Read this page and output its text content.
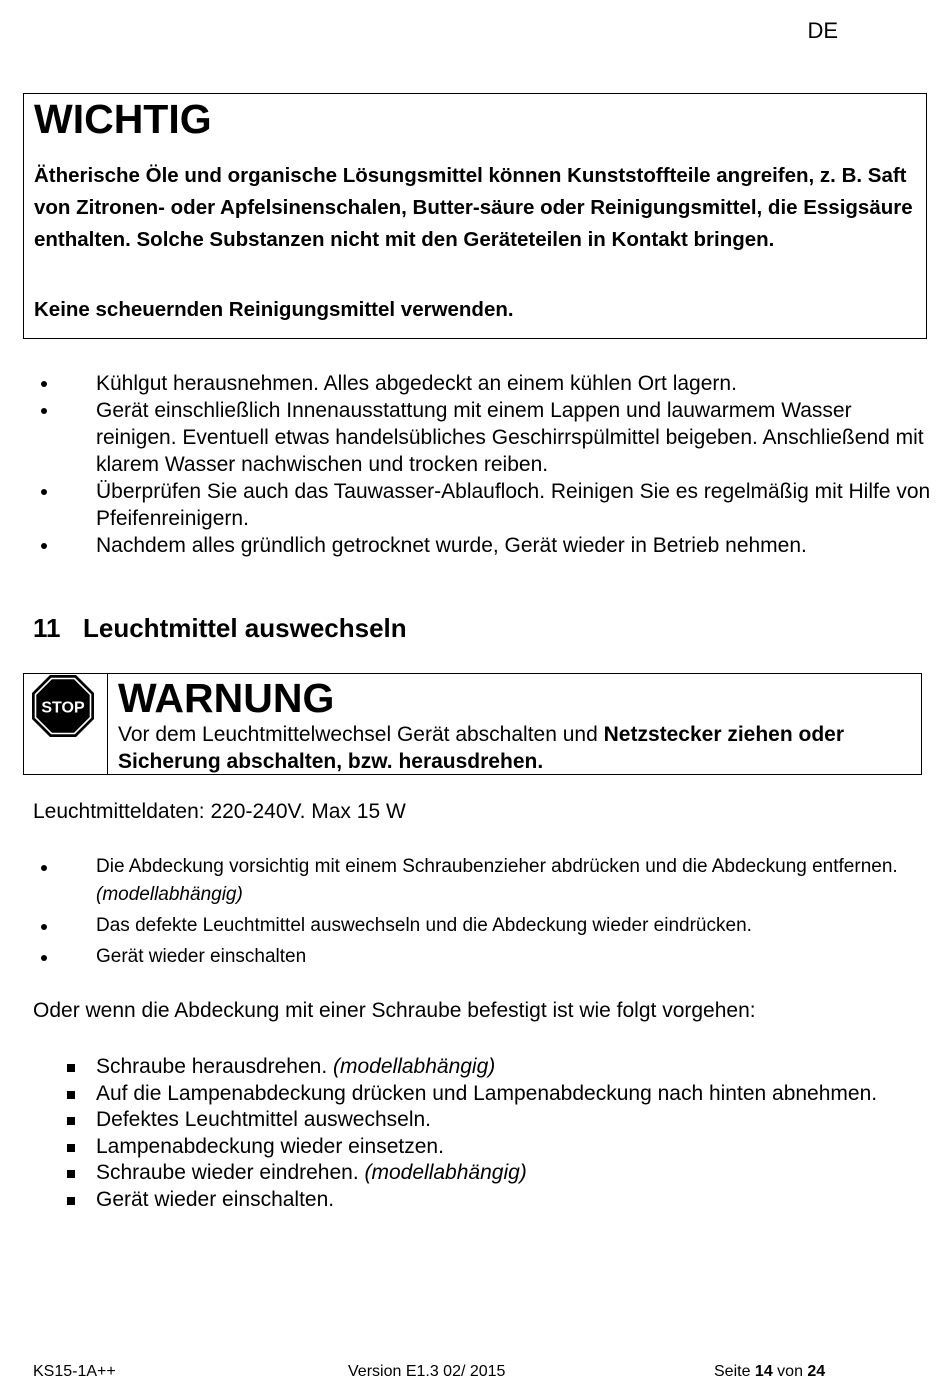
DE
WICHTIG
Ätherische Öle und organische Lösungsmittel können Kunststoffteile angreifen, z. B. Saft von Zitronen- oder Apfelsinenschalen, Butter-säure oder Reinigungsmittel, die Essigsäure enthalten. Solche Substanzen nicht mit den Geräteteilen in Kontakt bringen.
Keine scheuernden Reinigungsmittel verwenden.
Kühlgut herausnehmen. Alles abgedeckt an einem kühlen Ort lagern.
Gerät einschließlich Innenausstattung mit einem Lappen und lauwarmem Wasser reinigen. Eventuell etwas handelsübliches Geschirrspülmittel beigeben. Anschließend mit klarem Wasser nachwischen und trocken reiben.
Überprüfen Sie auch das Tauwasser-Ablaufloch. Reinigen Sie es regelmäßig mit Hilfe von Pfeifenreinigern.
Nachdem alles gründlich getrocknet wurde, Gerät wieder in Betrieb nehmen.
11 Leuchtmittel auswechseln
STOP WARNUNG
Vor dem Leuchtmittelwechsel Gerät abschalten und Netzstecker ziehen oder Sicherung abschalten, bzw. herausdrehen.
Leuchtmitteldaten: 220-240V. Max 15 W
Die Abdeckung vorsichtig mit einem Schraubenzieher abdrücken und die Abdeckung entfernen. (modellabhängig)
Das defekte Leuchtmittel auswechseln und die Abdeckung wieder eindrücken.
Gerät wieder einschalten
Oder wenn die Abdeckung mit einer Schraube befestigt ist wie folgt vorgehen:
Schraube herausdrehen. (modellabhängig)
Auf die Lampenabdeckung drücken und Lampenabdeckung nach hinten abnehmen.
Defektes Leuchtmittel auswechseln.
Lampenabdeckung wieder einsetzen.
Schraube wieder eindrehen. (modellabhängig)
Gerät wieder einschalten.
KS15-1A++	Version E1.3 02/ 2015	Seite 14 von 24
